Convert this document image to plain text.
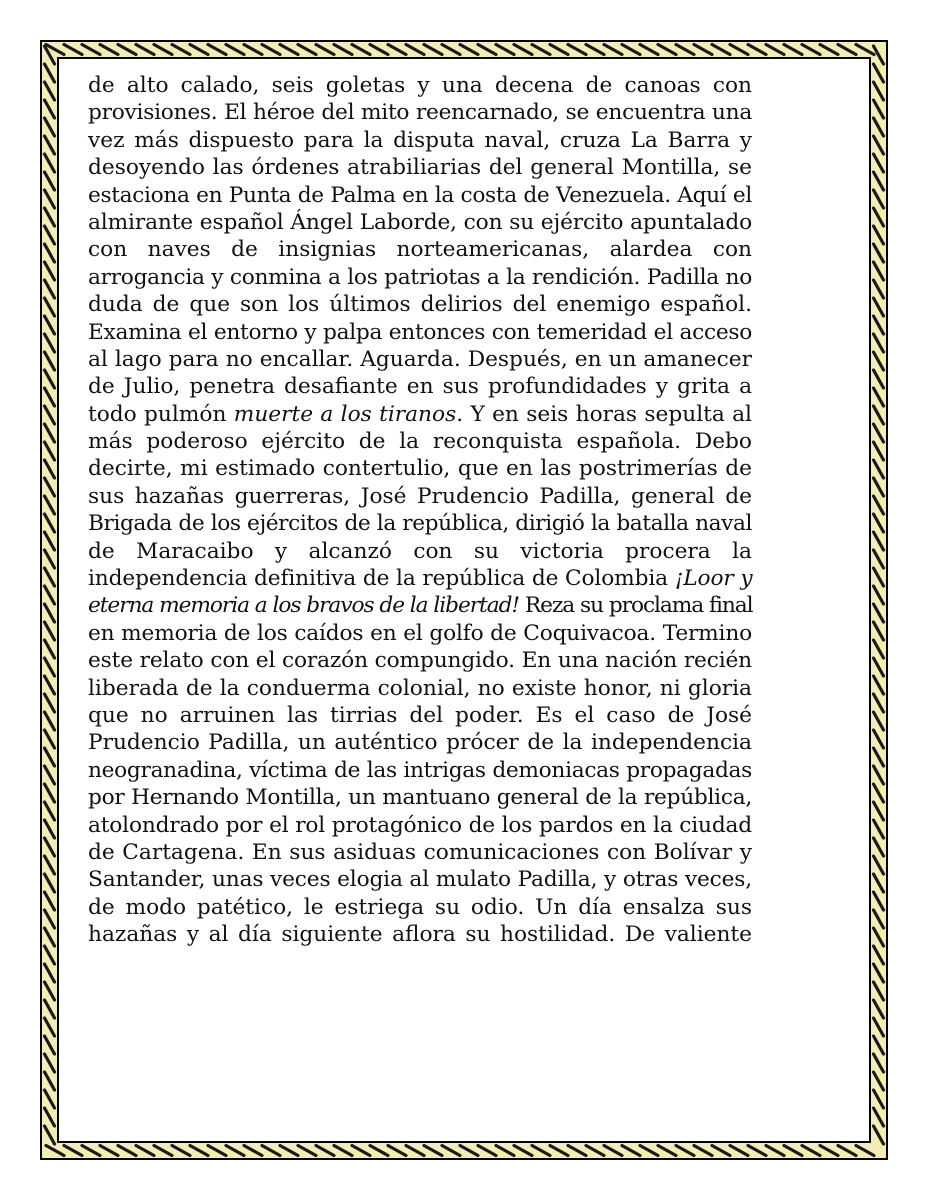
de alto calado, seis goletas y una decena de canoas con
provisiones. El héroe del mito reencarnado, se encuentra una
vez más dispuesto para la disputa naval, cruza La Barra y
desoyendo las órdenes atrabiliarias del general Montilla, se
estaciona en Punta de Palma en la costa de Venezuela. Aquí el
almirante español Ángel Laborde, con su ejército apuntalado
con naves de insignias norteamericanas, alardea con
arrogancia y conmina a los patriotas a la rendición. Padilla no
duda de que son los últimos delirios del enemigo español.
Examina el entorno y palpa entonces con temeridad el acceso
al lago para no encallar. Aguarda. Después, en un amanecer
de Julio, penetra desafiante en sus profundidades y grita a
todo pulmón muerte a los tiranos. Y en seis horas sepulta al
más poderoso ejército de la reconquista española. Debo
decirte, mi estimado contertulio, que en las postrimerías de
sus hazañas guerreras, José Prudencio Padilla, general de
Brigada de los ejércitos de la república, dirigió la batalla naval
de Maracaibo y alcanzó con su victoria procera la
independencia definitiva de la república de Colombia ¡Loor y
eterna memoria a los bravos de la libertad! Reza su proclama final
en memoria de los caídos en el golfo de Coquivacoa. Termino
este relato con el corazón compungido. En una nación recién
liberada de la conduerma colonial, no existe honor, ni gloria
que no arruinen las tirrias del poder. Es el caso de José
Prudencio Padilla, un auténtico prócer de la independencia
neogranadina, víctima de las intrigas demoniacas propagadas
por Hernando Montilla, un mantuano general de la república,
atolondrado por el rol protagónico de los pardos en la ciudad
de Cartagena. En sus asiduas comunicaciones con Bolívar y
Santander, unas veces elogia al mulato Padilla, y otras veces,
de modo patético, le estriega su odio. Un día ensalza sus
hazañas y al día siguiente aflora su hostilidad. De valiente
